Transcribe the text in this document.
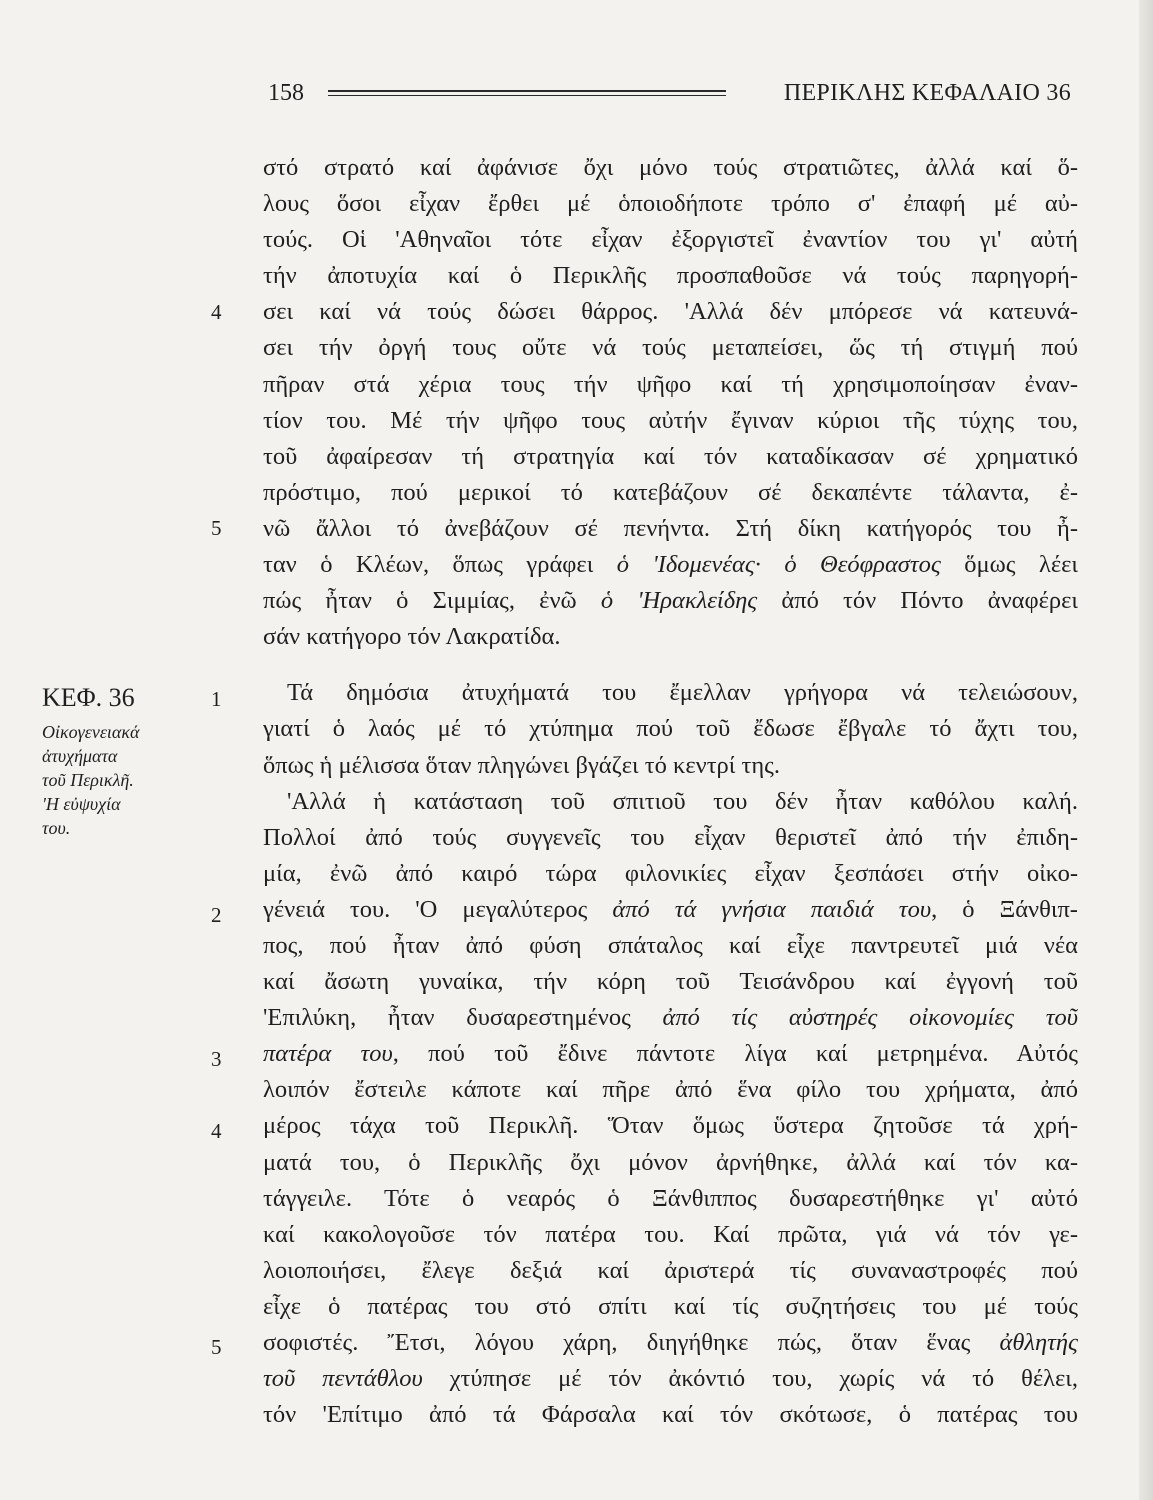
158	ΠΕΡΙΚΛΗΣ ΚΕΦΑΛΑΙΟ 36
4
5
1
2
3
4
5
ΚΕΦ. 36
Οἰκογενειακά
ἀτυχήματα
τοῦ Περικλῆ.
'Η εὐψυχία
του.
στό στρατό καί ἀφάνισε ὄχι μόνο τούς στρατιῶτες, ἀλλά καί ὅ-
λους ὅσοι εἶχαν ἔρθει μέ ὁποιοδήποτε τρόπο σ' ἐπαφή μέ αὐ-
τούς. Οἱ 'Αθηναῖοι τότε εἶχαν ἐξοργιστεῖ ἐναντίον του γι' αὐτή
τήν ἀποτυχία καί ὁ Περικλῆς προσπαθοῦσε νά τούς παρηγορή-
σει καί νά τούς δώσει θάρρος. 'Αλλά δέν μπόρεσε νά κατευνά-
σει τήν ὀργή τους οὔτε νά τούς μεταπείσει, ὥς τή στιγμή πού
πῆραν στά χέρια τους τήν ψῆφο καί τή χρησιμοποίησαν ἐναν-
τίον του. Μέ τήν ψῆφο τους αὐτήν ἔγιναν κύριοι τῆς τύχης του,
τοῦ ἀφαίρεσαν τή στρατηγία καί τόν καταδίκασαν σέ χρηματικό
πρόστιμο, πού μερικοί τό κατεβάζουν σέ δεκαπέντε τάλαντα, ἐ-
νῶ ἄλλοι τό ἀνεβάζουν σέ πενήντα. Στή δίκη κατήγορός του ἦ-
ταν ὁ Κλέων, ὅπως γράφει ὁ 'Ιδομενέας· ὁ Θεόφραστος ὅμως λέει
πώς ἦταν ὁ Σιμμίας, ἐνῶ ὁ 'Ηρακλείδης ἀπό τόν Πόντο ἀναφέρει
σάν κατήγορο τόν Λακρατίδα.
Τά δημόσια ἀτυχήματά του ἔμελλαν γρήγορα νά τελειώσουν,
γιατί ὁ λαός μέ τό χτύπημα πού τοῦ ἔδωσε ἔβγαλε τό ἄχτι του,
ὅπως ἡ μέλισσα ὅταν πληγώνει βγάζει τό κεντρί της.
'Αλλά ἡ κατάσταση τοῦ σπιτιοῦ του δέν ἦταν καθόλου καλή.
Πολλοί ἀπό τούς συγγενεῖς του εἶχαν θεριστεῖ ἀπό τήν ἐπιδη-
μία, ἐνῶ ἀπό καιρό τώρα φιλονικίες εἶχαν ξεσπάσει στήν οἰκο-
γένειά του. 'Ο μεγαλύτερος ἀπό τά γνήσια παιδιά του, ὁ Ξάνθιπ-
πος, πού ἦταν ἀπό φύση σπάταλος καί εἶχε παντρευτεῖ μιά νέα
καί ἄσωτη γυναίκα, τήν κόρη τοῦ Τεισάνδρου καί ἐγγονή τοῦ
'Επιλύκη, ἦταν δυσαρεστημένος ἀπό τίς αὐστηρές οἰκονομίες τοῦ
πατέρα του, πού τοῦ ἔδινε πάντοτε λίγα καί μετρημένα. Αὐτός
λοιπόν ἔστειλε κάποτε καί πῆρε ἀπό ἕνα φίλο του χρήματα, ἀπό
μέρος τάχα τοῦ Περικλῆ. Ὅταν ὅμως ὕστερα ζητοῦσε τά χρή-
ματά του, ὁ Περικλῆς ὄχι μόνον ἀρνήθηκε, ἀλλά καί τόν κα-
τάγγειλε. Τότε ὁ νεαρός ὁ Ξάνθιππος δυσαρεστήθηκε γι' αὐτό
καί κακολογοῦσε τόν πατέρα του. Καί πρῶτα, γιά νά τόν γε-
λοιοποιήσει, ἔλεγε δεξιά καί ἀριστερά τίς συναναστροφές πού
εἶχε ὁ πατέρας του στό σπίτι καί τίς συζητήσεις του μέ τούς
σοφιστές. Ἔτσι, λόγου χάρη, διηγήθηκε πώς, ὅταν ἕνας ἀθλητής
τοῦ πεντάθλου χτύπησε μέ τόν ἀκόντιό του, χωρίς νά τό θέλει,
τόν 'Επίτιμο ἀπό τά Φάρσαλα καί τόν σκότωσε, ὁ πατέρας του
